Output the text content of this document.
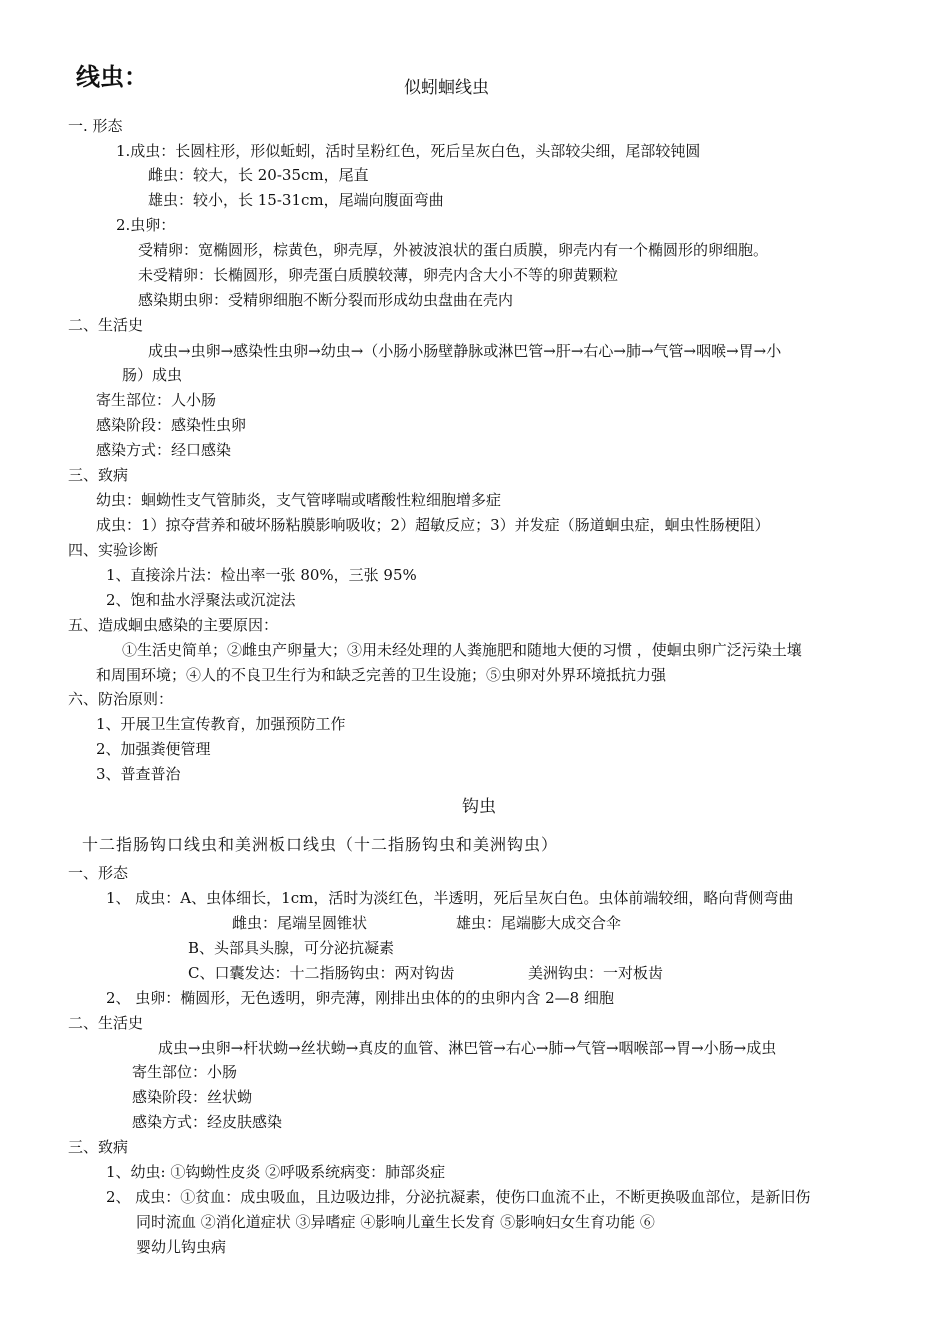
线虫：	似蚓蛔线虫
一. 形态
1.成虫：长圆柱形，形似蚯蚓，活时呈粉红色，死后呈灰白色，头部较尖细，尾部较钝圆
雌虫：较大，长 20-35cm，尾直
雄虫：较小，长 15-31cm，尾端向腹面弯曲
2.虫卵：
受精卵：宽椭圆形，棕黄色，卵壳厚，外被波浪状的蛋白质膜，卵壳内有一个椭圆形的卵细胞。
未受精卵：长椭圆形，卵壳蛋白质膜较薄，卵壳内含大小不等的卵黄颗粒
感染期虫卵：受精卵细胞不断分裂而形成幼虫盘曲在壳内
二、生活史
成虫→虫卵→感染性虫卵→幼虫→（小肠小肠壁静脉或淋巴管→肝→右心→肺→气管→咽喉→胃→小
肠）成虫
寄生部位：人小肠
感染阶段：感染性虫卵
感染方式：经口感染
三、致病
幼虫：蛔蚴性支气管肺炎，支气管哮喘或嗜酸性粒细胞增多症
成虫：1）掠夺营养和破坏肠粘膜影响吸收；2）超敏反应；3）并发症（肠道蛔虫症，蛔虫性肠梗阻）
四、实验诊断
1、直接涂片法：检出率一张 80%，三张 95%
2、饱和盐水浮聚法或沉淀法
五、造成蛔虫感染的主要原因：
①生活史简单；②雌虫产卵量大；③用未经处理的人粪施肥和随地大便的习惯 ，使蛔虫卵广泛污染土壤
和周围环境；④人的不良卫生行为和缺乏完善的卫生设施；⑤虫卵对外界环境抵抗力强
六、防治原则：
1、开展卫生宣传教育，加强预防工作
2、加强粪便管理
3、普查普治
钩虫
十二指肠钩口线虫和美洲板口线虫（十二指肠钩虫和美洲钩虫）
一、形态
1、 成虫：A、虫体细长，1cm，活时为淡红色，半透明，死后呈灰白色。虫体前端较细，略向背侧弯曲
雌虫：尾端呈圆锥状	雄虫：尾端膨大成交合伞
B、头部具头腺，可分泌抗凝素
C、口囊发达：十二指肠钩虫：两对钩齿	美洲钩虫：一对板齿
2、 虫卵：椭圆形，无色透明，卵壳薄，刚排出虫体的的虫卵内含 2—8 细胞
二、生活史
成虫→虫卵→杆状蚴→丝状蚴→真皮的血管、淋巴管→右心→肺→气管→咽喉部→胃→小肠→成虫
寄生部位：小肠
感染阶段：丝状蚴
感染方式：经皮肤感染
三、致病
1、幼虫: ①钩蚴性皮炎 ②呼吸系统病变：肺部炎症
2、 成虫：①贫血：成虫吸血，且边吸边排，分泌抗凝素，使伤口血流不止，不断更换吸血部位，是新旧伤
同时流血 ②消化道症状 ③异嗜症 ④影响儿童生长发育 ⑤影响妇女生育功能 ⑥
婴幼儿钩虫病
